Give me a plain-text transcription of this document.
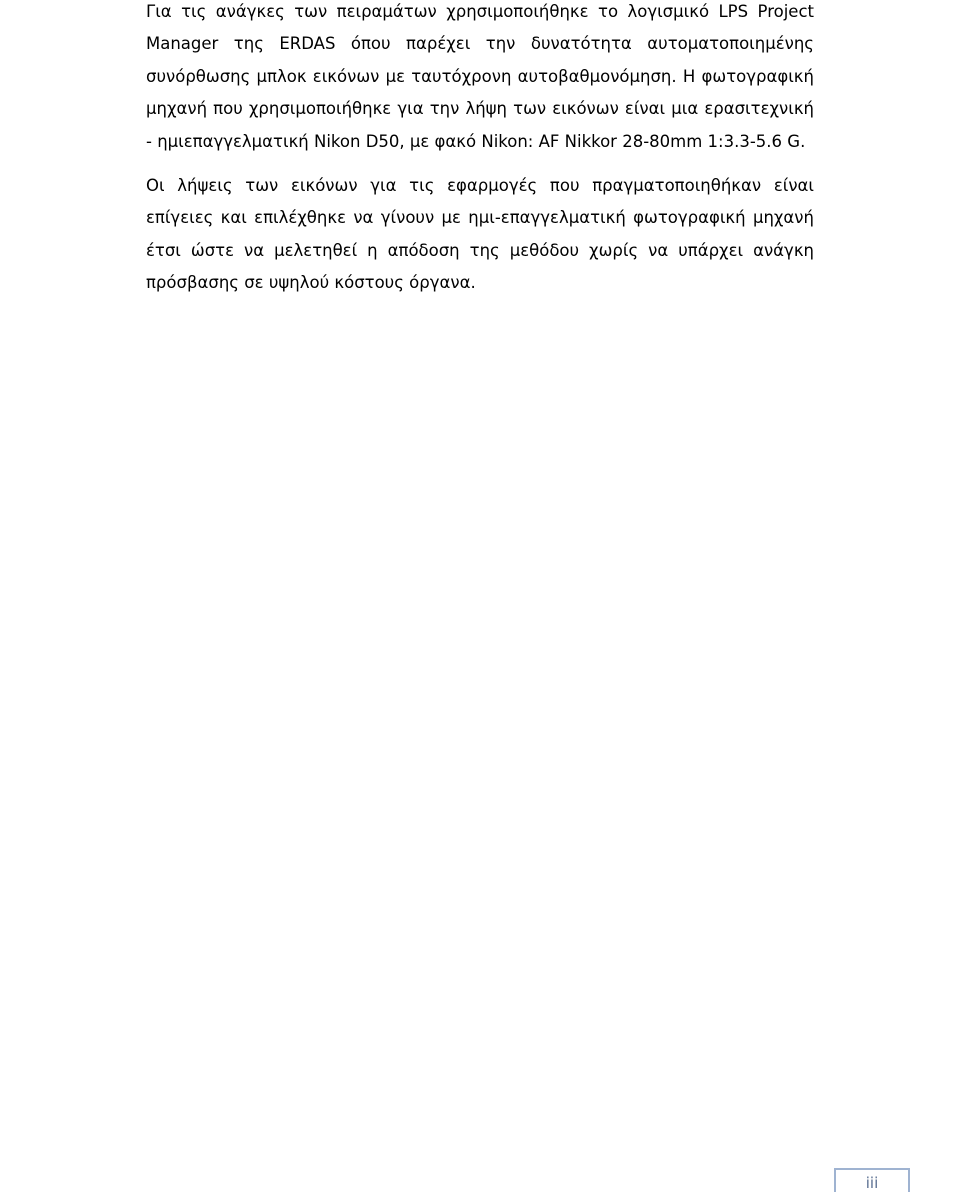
Για τις ανάγκες των πειραμάτων χρησιμοποιήθηκε το λογισμικό LPS Project Manager της ERDAS όπου παρέχει την δυνατότητα αυτοματοποιημένης συνόρθωσης μπλοκ εικόνων με ταυτόχρονη αυτοβαθμονόμηση. Η φωτογραφική μηχανή που χρησιμοποιήθηκε για την λήψη των εικόνων είναι μια ερασιτεχνική - ημιεπαγγελματική Nikon D50, με φακό Nikon: AF Nikkor 28-80mm 1:3.3-5.6 G.

Οι λήψεις των εικόνων για τις εφαρμογές που πραγματοποιηθήκαν είναι επίγειες και επιλέχθηκε να γίνουν με ημι-επαγγελματική φωτογραφική μηχανή έτσι ώστε να μελετηθεί η απόδοση της μεθόδου χωρίς να υπάρχει ανάγκη πρόσβασης σε υψηλού κόστους όργανα.

iii
